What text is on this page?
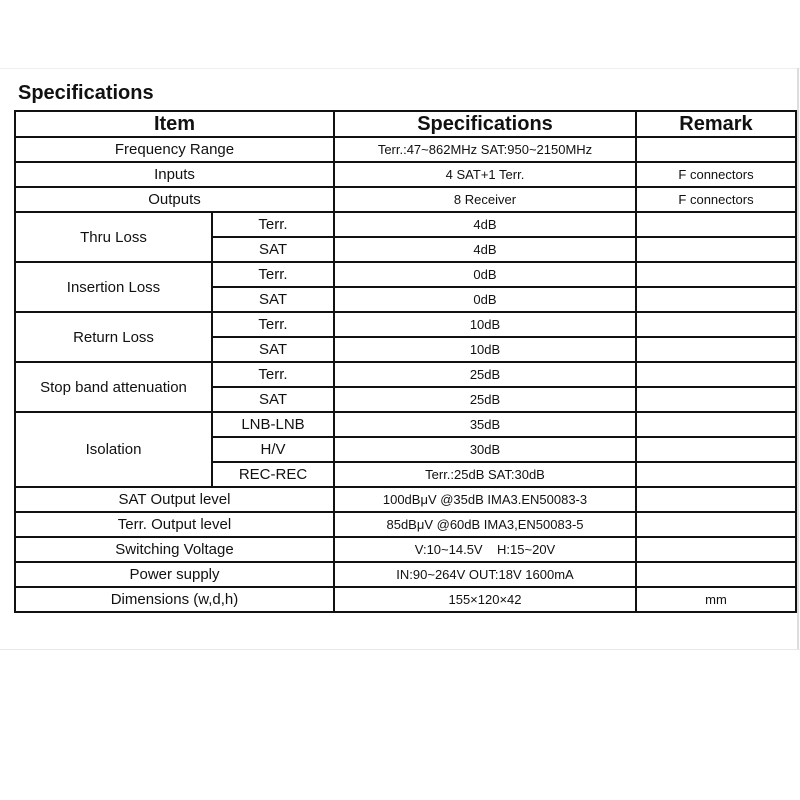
Specifications
Item		Specifications	Remark
Frequency Range		Terr.:47~862MHz SAT:950~2150MHz	
Inputs		4 SAT+1 Terr.	F connectors
Outputs		8 Receiver	F connectors
Thru Loss	Terr.	4dB	
	SAT	4dB	
Insertion Loss	Terr.	0dB	
	SAT	0dB	
Return Loss	Terr.	10dB	
	SAT	10dB	
Stop band attenuation	Terr.	25dB	
	SAT	25dB	
Isolation	LNB-LNB	35dB	
	H/V	30dB	
	REC-REC	Terr.:25dB SAT:30dB	
SAT Output level		100dBμV @35dB IMA3.EN50083-3	
Terr. Output level		85dBμV @60dB IMA3,EN50083-5	
Switching Voltage		V:10~14.5V    H:15~20V	
Power supply		IN:90~264V OUT:18V 1600mA	
Dimensions (w,d,h)		155×120×42	mm
